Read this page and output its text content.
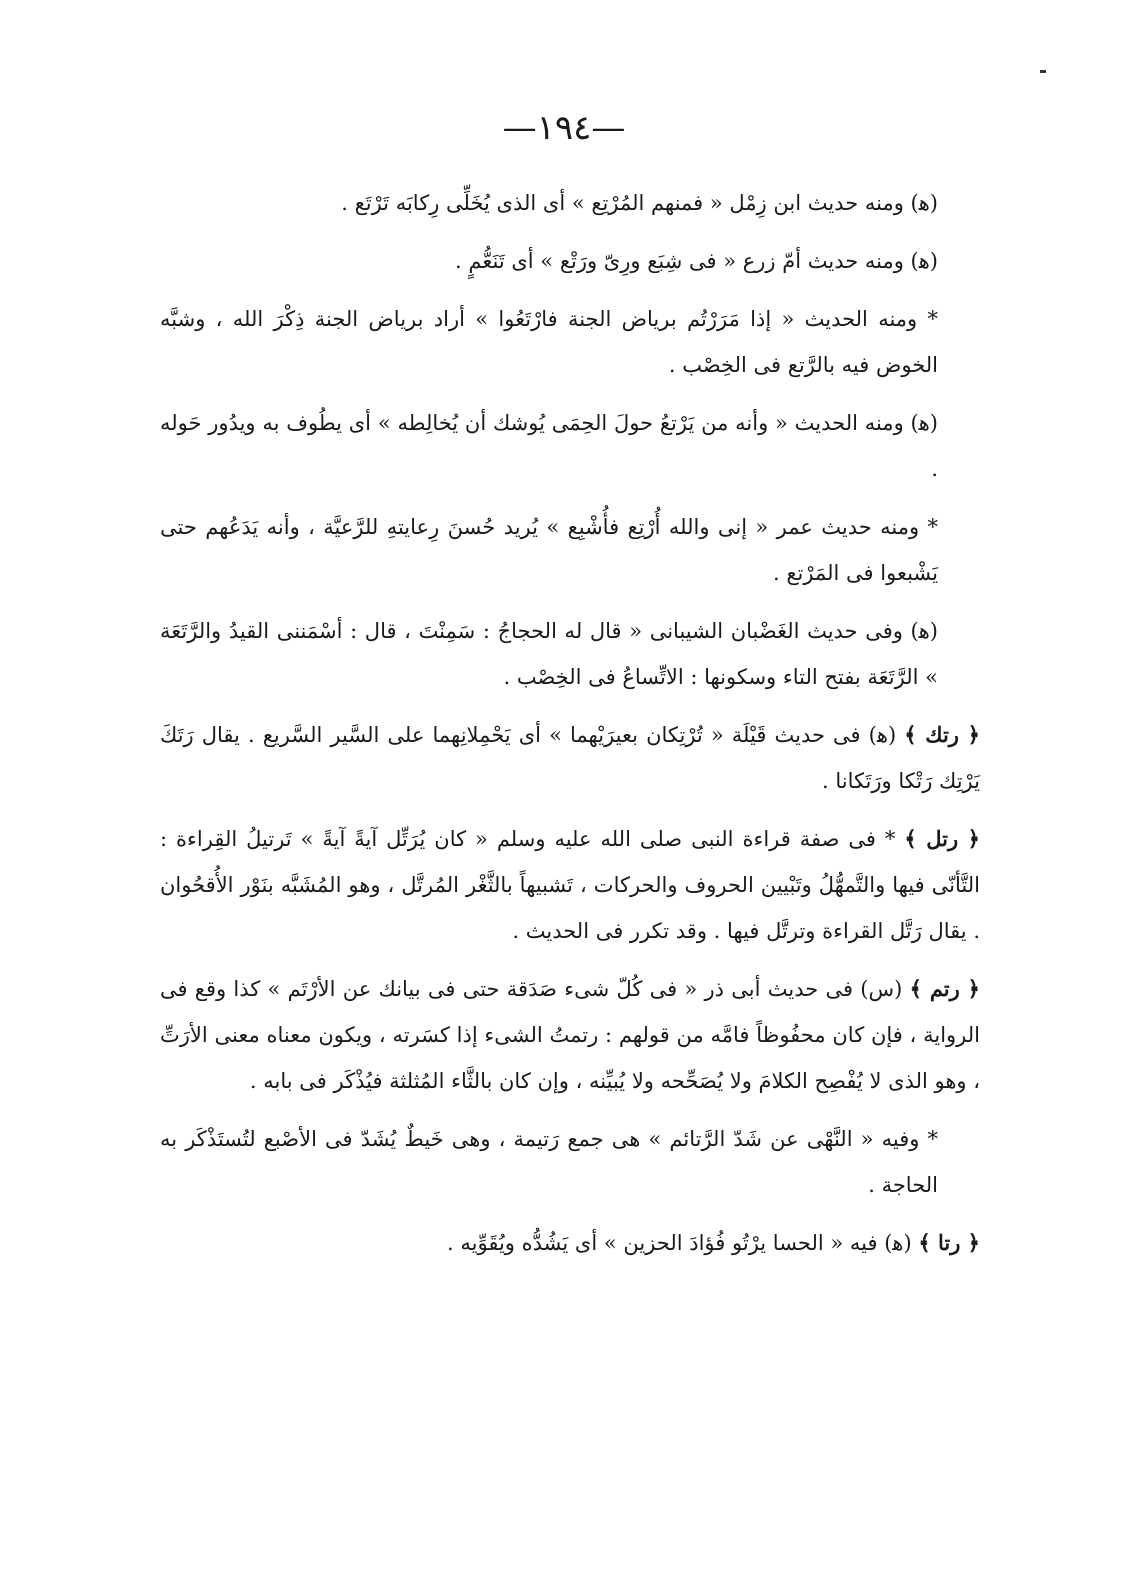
—١٩٤—

(ﻫ) ومنه حديث ابن زِمْل « فمنهم المُرْتِع » أى الذى يُخَلِّى رِكابَه تَرْتَع .

(ﻫ) ومنه حديث أمّ زرع « فى شِبَع ورِىّ ورَتْع » أى تَنَعُّمٍ .

* ومنه الحديث « إذا مَرَرْتُم برياض الجنة فارْتَعُوا » أراد برياض الجنة ذِكْرَ الله ، وشبَّه الخوض فيه بالرَّتع فى الخِصْب .

(ﻫ) ومنه الحديث « وأنه من يَرْتعُ حولَ الحِمَى يُوشك أن يُخالِطه » أى يطُوف به ويدُور حَوله .

* ومنه حديث عمر « إنى والله أُرْتِع فأُشْبِع » يُريد حُسنَ رِعايتهِ للرَّعيَّة ، وأنه يَدَعُهم حتى يَشْبعوا فى المَرْتع .

(ﻫ) وفى حديث الغَضْبان الشيبانى « قال له الحجاجُ : سَمِنْتَ ، قال : أسْمَننى القيدُ والرَّتَعَة » الرَّتَعَة بفتح التاء وسكونها : الاتِّساعُ فى الخِصْب .

﴿ رتك ﴾ (ﻫ) فى حديث قَيْلَة « تُرْتِكان بعيرَيْهما » أى يَحْمِلانِهما على السَّير السَّريع . يقال رَتَكَ يَرْتِك رَتْكا ورَتَكانا .

﴿ رتل ﴾ * فى صفة قراءة النبى صلى الله عليه وسلم « كان يُرَتِّل آيةً آيةً » تَرتيلُ القِراءة : التَّأنّى فيها والتَّمهُّلُ وتَبْيين الحروف والحركات ، تَشبيهاً بالثَّغْر المُرتَّل ، وهو المُشَبَّه بنَوْر الأُقحُوان . يقال رَتَّل القراءة وترتَّل فيها . وقد تكرر فى الحديث .

﴿ رتم ﴾ (س) فى حديث أبى ذر « فى كُلّ شىء صَدَقة حتى فى بيانك عن الأرْتَم » كذا وقع فى الرواية ، فإن كان محفُوظاً فامَّه من قولهم : رتمتُ الشىء إذا كسَرته ، ويكون معناه معنى الأرَتِّ ، وهو الذى لا يُفْصِح الكلامَ ولا يُصَحِّحه ولا يُبيِّنه ، وإن كان بالثَّاء المُثلثة فيُذْكَر فى بابه .

* وفيه « النَّهْى عن شَدّ الرَّتائم » هى جمع رَتيمة ، وهى خَيطٌ يُشَدّ فى الأصْبع لتُستَذْكَر به الحاجة .

﴿ رتا ﴾ (ﻫ) فيه « الحسا يرْتُو فُؤادَ الحزين » أى يَشُدُّه ويُقَوِّيه .
